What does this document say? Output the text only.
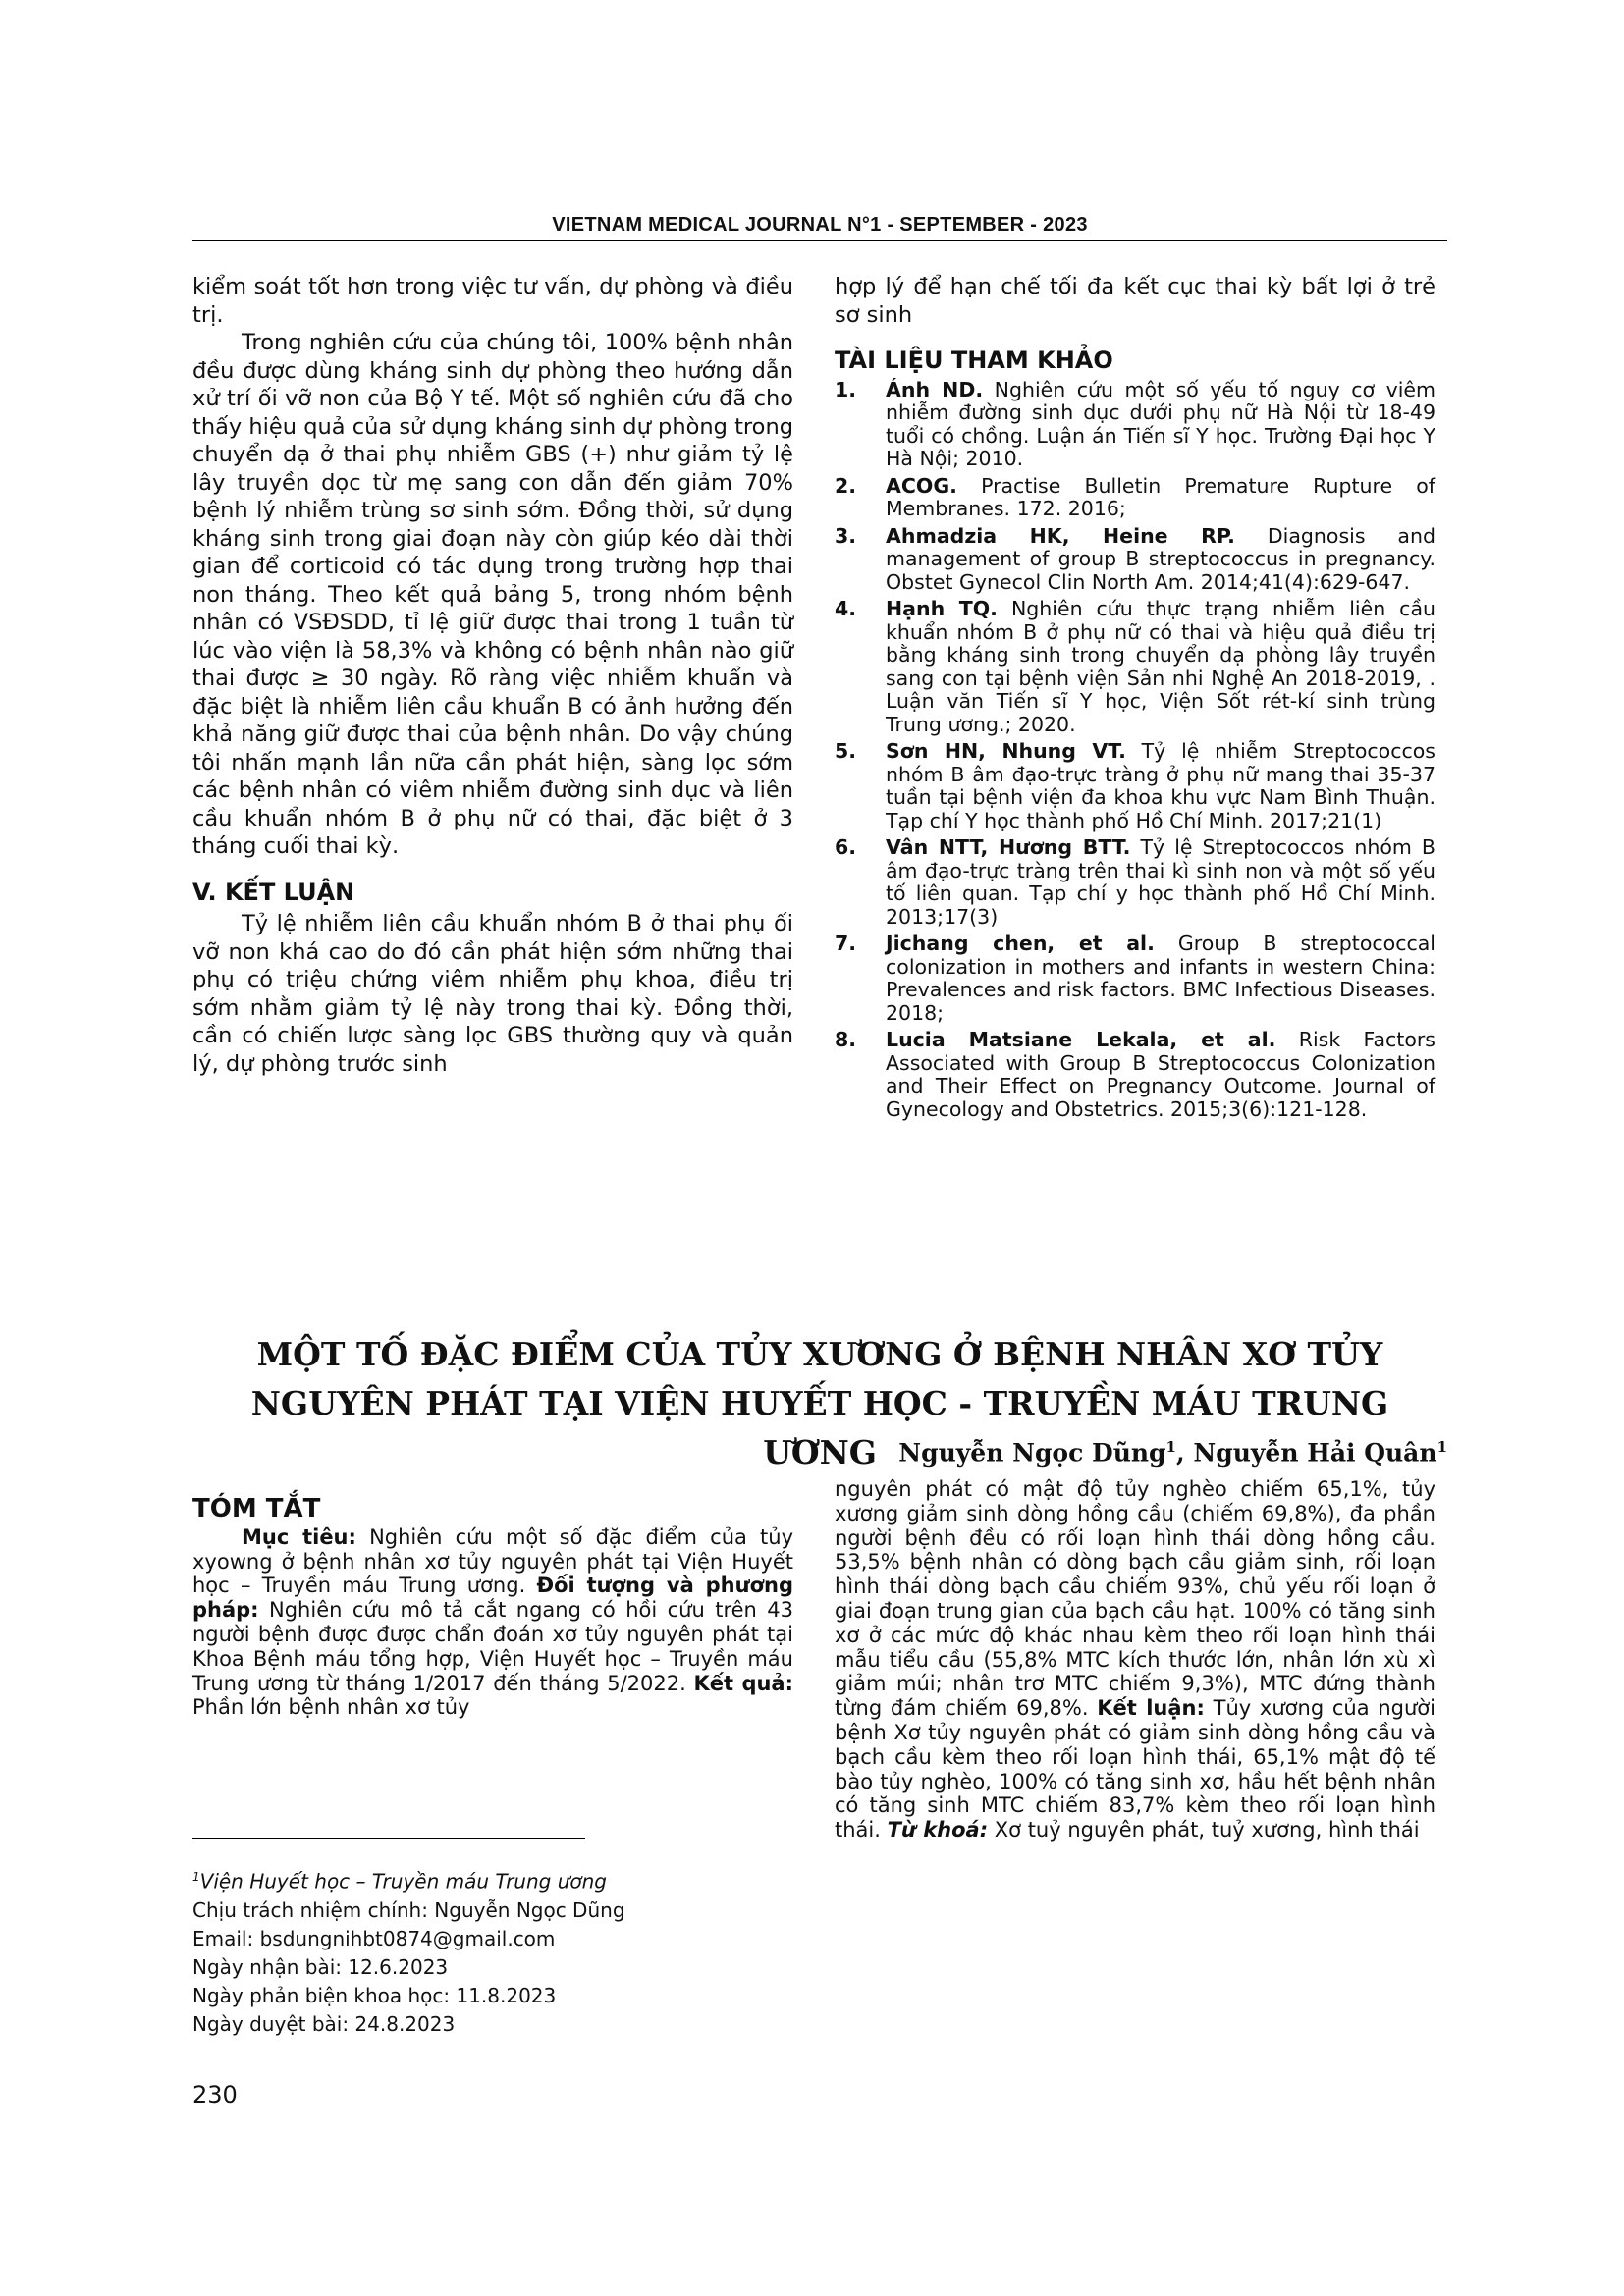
VIETNAM MEDICAL JOURNAL N°1 - SEPTEMBER - 2023

kiểm soát tốt hơn trong việc tư vấn, dự phòng và điều trị.

Trong nghiên cứu của chúng tôi, 100% bệnh nhân đều được dùng kháng sinh dự phòng theo hướng dẫn xử trí ối vỡ non của Bộ Y tế. Một số nghiên cứu đã cho thấy hiệu quả của sử dụng kháng sinh dự phòng trong chuyển dạ ở thai phụ nhiễm GBS (+) như giảm tỷ lệ lây truyền dọc từ mẹ sang con dẫn đến giảm 70% bệnh lý nhiễm trùng sơ sinh sớm. Đồng thời, sử dụng kháng sinh trong giai đoạn này còn giúp kéo dài thời gian để corticoid có tác dụng trong trường hợp thai non tháng. Theo kết quả bảng 5, trong nhóm bệnh nhân có VSĐSDD, tỉ lệ giữ được thai trong 1 tuần từ lúc vào viện là 58,3% và không có bệnh nhân nào giữ thai được ≥ 30 ngày. Rõ ràng việc nhiễm khuẩn và đặc biệt là nhiễm liên cầu khuẩn B có ảnh hưởng đến khả năng giữ được thai của bệnh nhân. Do vậy chúng tôi nhấn mạnh lần nữa cần phát hiện, sàng lọc sớm các bệnh nhân có viêm nhiễm đường sinh dục và liên cầu khuẩn nhóm B ở phụ nữ có thai, đặc biệt ở 3 tháng cuối thai kỳ.

V. KẾT LUẬN

Tỷ lệ nhiễm liên cầu khuẩn nhóm B ở thai phụ ối vỡ non khá cao do đó cần phát hiện sớm những thai phụ có triệu chứng viêm nhiễm phụ khoa, điều trị sớm nhằm giảm tỷ lệ này trong thai kỳ. Đồng thời, cần có chiến lược sàng lọc GBS thường quy và quản lý, dự phòng trước sinh

hợp lý để hạn chế tối đa kết cục thai kỳ bất lợi ở trẻ sơ sinh

TÀI LIỆU THAM KHẢO
1. Ánh ND. Nghiên cứu một số yếu tố nguy cơ viêm nhiễm đường sinh dục dưới phụ nữ Hà Nội từ 18-49 tuổi có chồng. Luận án Tiến sĩ Y học. Trường Đại học Y Hà Nội; 2010.
2. ACOG. Practise Bulletin Premature Rupture of Membranes. 172. 2016;
3. Ahmadzia HK, Heine RP. Diagnosis and management of group B streptococcus in pregnancy. Obstet Gynecol Clin North Am. 2014;41(4):629-647.
4. Hạnh TQ. Nghiên cứu thực trạng nhiễm liên cầu khuẩn nhóm B ở phụ nữ có thai và hiệu quả điều trị bằng kháng sinh trong chuyển dạ phòng lây truyền sang con tại bệnh viện Sản nhi Nghệ An 2018-2019, . Luận văn Tiến sĩ Y học, Viện Sốt rét-kí sinh trùng Trung ương.; 2020.
5. Sơn HN, Nhung VT. Tỷ lệ nhiễm Streptococcos nhóm B âm đạo-trực tràng ở phụ nữ mang thai 35-37 tuần tại bệnh viện đa khoa khu vực Nam Bình Thuận. Tạp chí Y học thành phố Hồ Chí Minh. 2017;21(1)
6. Vân NTT, Hương BTT. Tỷ lệ Streptococcos nhóm B âm đạo-trực tràng trên thai kì sinh non và một số yếu tố liên quan. Tạp chí y học thành phố Hồ Chí Minh. 2013;17(3)
7. Jichang chen, et al. Group B streptococcal colonization in mothers and infants in western China: Prevalences and risk factors. BMC Infectious Diseases. 2018;
8. Lucia Matsiane Lekala, et al. Risk Factors Associated with Group B Streptococcus Colonization and Their Effect on Pregnancy Outcome. Journal of Gynecology and Obstetrics. 2015;3(6):121-128.
MỘT TỐ ĐẶC ĐIỂM CỦA TỦY XƯƠNG Ở BỆNH NHÂN XƠ TỦY
NGUYÊN PHÁT TẠI VIỆN HUYẾT HỌC - TRUYỀN MÁU TRUNG ƯƠNG Nguyễn Ngọc Dũng$^1$, Nguyễn Hải Quân$^1$
TÓM TẮT

Mục tiêu: Nghiên cứu một số đặc điểm của tủy xyowng ở bệnh nhân xơ tủy nguyên phát tại Viện Huyết học – Truyền máu Trung ương. Đối tượng và phương pháp: Nghiên cứu mô tả cắt ngang có hồi cứu trên 43 người bệnh được được chẩn đoán xơ tủy nguyên phát tại Khoa Bệnh máu tổng hợp, Viện Huyết học – Truyền máu Trung ương từ tháng 1/2017 đến tháng 5/2022. Kết quả: Phần lớn bệnh nhân xơ tủy

nguyên phát có mật độ tủy nghèo chiếm 65,1%, tủy xương giảm sinh dòng hồng cầu (chiếm 69,8%), đa phần người bệnh đều có rối loạn hình thái dòng hồng cầu. 53,5% bệnh nhân có dòng bạch cầu giảm sinh, rối loạn hình thái dòng bạch cầu chiếm 93%, chủ yếu rối loạn ở giai đoạn trung gian của bạch cầu hạt. 100% có tăng sinh xơ ở các mức độ khác nhau kèm theo rối loạn hình thái mẫu tiểu cầu (55,8% MTC kích thước lớn, nhân lớn xù xì giảm múi; nhân trơ MTC chiếm 9,3%), MTC đứng thành từng đám chiếm 69,8%. Kết luận: Tủy xương của người bệnh Xơ tủy nguyên phát có giảm sinh dòng hồng cầu và bạch cầu kèm theo rối loạn hình thái, 65,1% mật độ tế bào tủy nghèo, 100% có tăng sinh xơ, hầu hết bệnh nhân có tăng sinh MTC chiếm 83,7% kèm theo rối loạn hình thái. Từ khoá: Xơ tuỷ nguyên phát, tuỷ xương, hình thái

$^1$Viện Huyết học – Truyền máu Trung ương
Chịu trách nhiệm chính: Nguyễn Ngọc Dũng
Email: bsdungnihbt0874@gmail.com
Ngày nhận bài: 12.6.2023
Ngày phản biện khoa học: 11.8.2023
Ngày duyệt bài: 24.8.2023
230
